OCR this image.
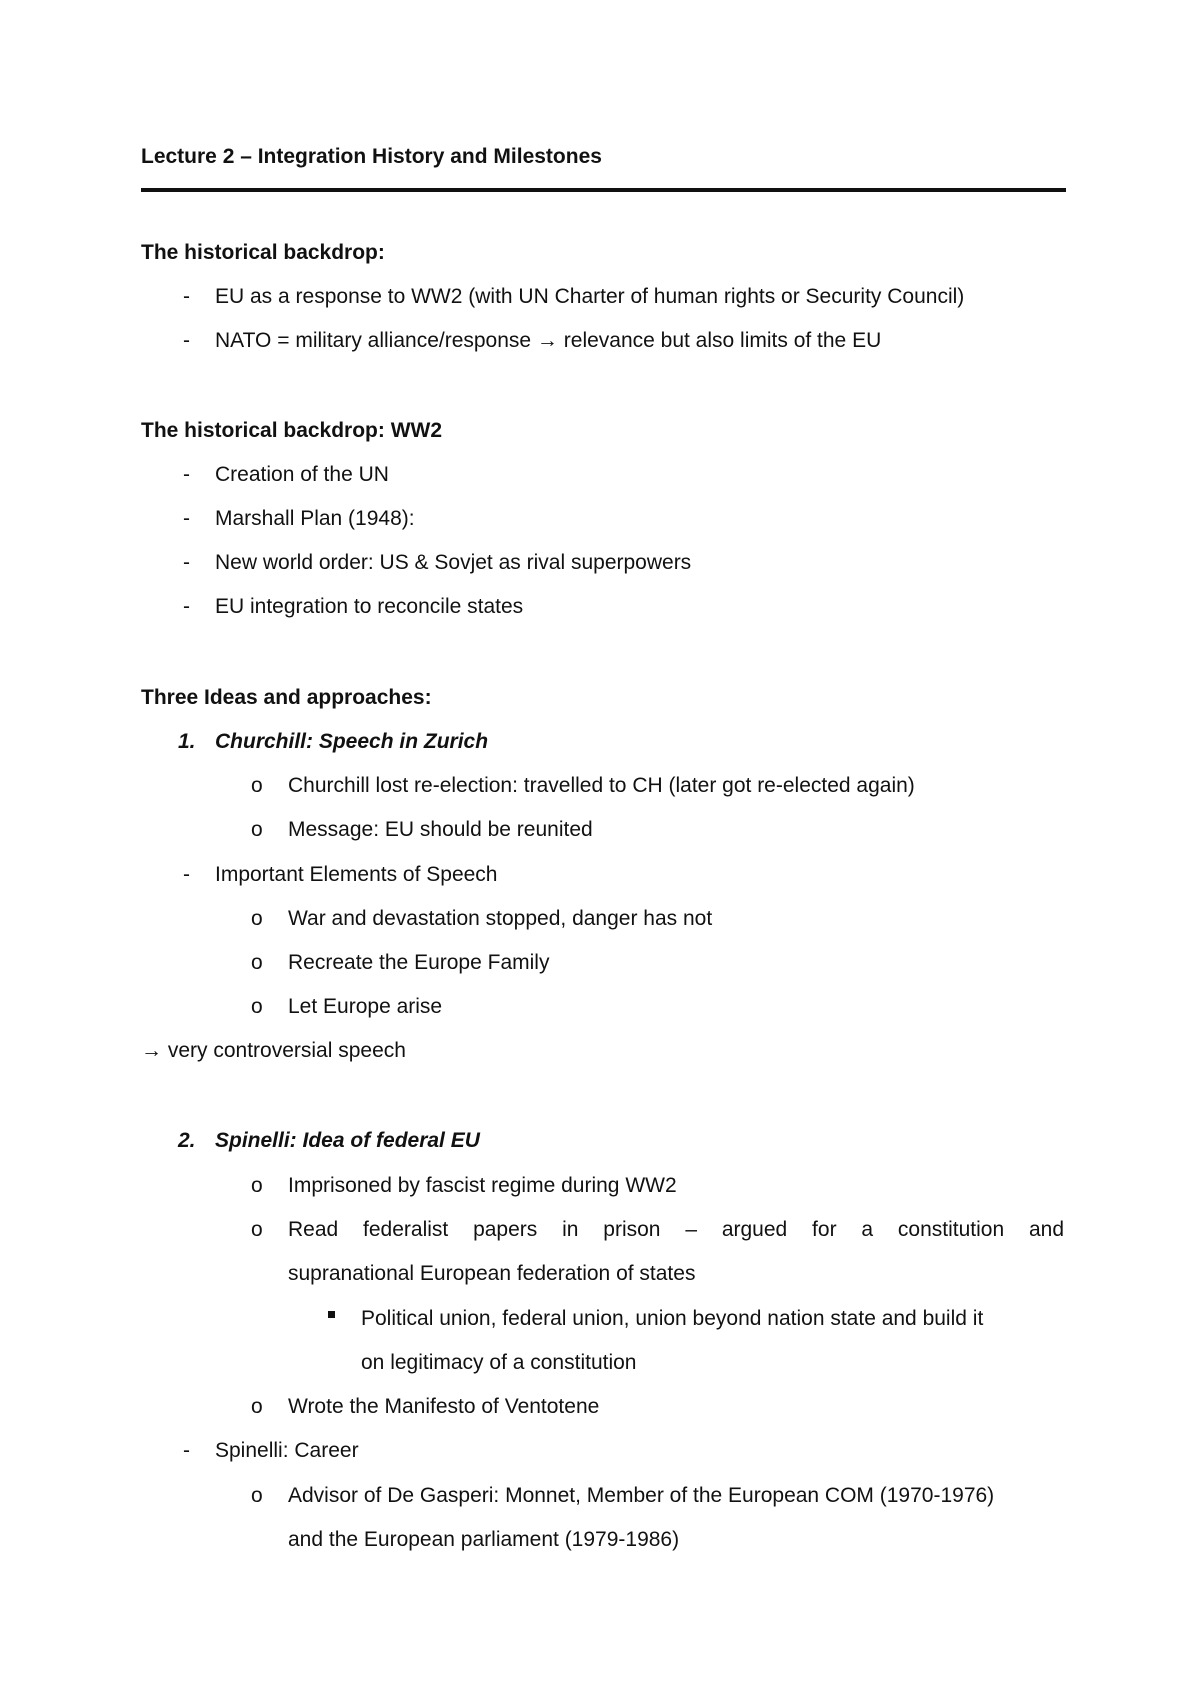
Lecture 2 – Integration History and Milestones
The historical backdrop:
- EU as a response to WW2 (with UN Charter of human rights or Security Council)
- NATO = military alliance/response → relevance but also limits of the EU
The historical backdrop: WW2
- Creation of the UN
- Marshall Plan (1948):
- New world order: US & Sovjet as rival superpowers
- EU integration to reconcile states
Three Ideas and approaches:
1. Churchill: Speech in Zurich
o Churchill lost re-election: travelled to CH (later got re-elected again)
o Message: EU should be reunited
- Important Elements of Speech
o War and devastation stopped, danger has not
o Recreate the Europe Family
o Let Europe arise
→ very controversial speech
2. Spinelli: Idea of federal EU
o Imprisoned by fascist regime during WW2
o Read federalist papers in prison – argued for a constitution and
supranational European federation of states
Political union, federal union, union beyond nation state and build it
on legitimacy of a constitution
o Wrote the Manifesto of Ventotene
- Spinelli: Career
o Advisor of De Gasperi: Monnet, Member of the European COM (1970-1976)
and the European parliament (1979-1986)
